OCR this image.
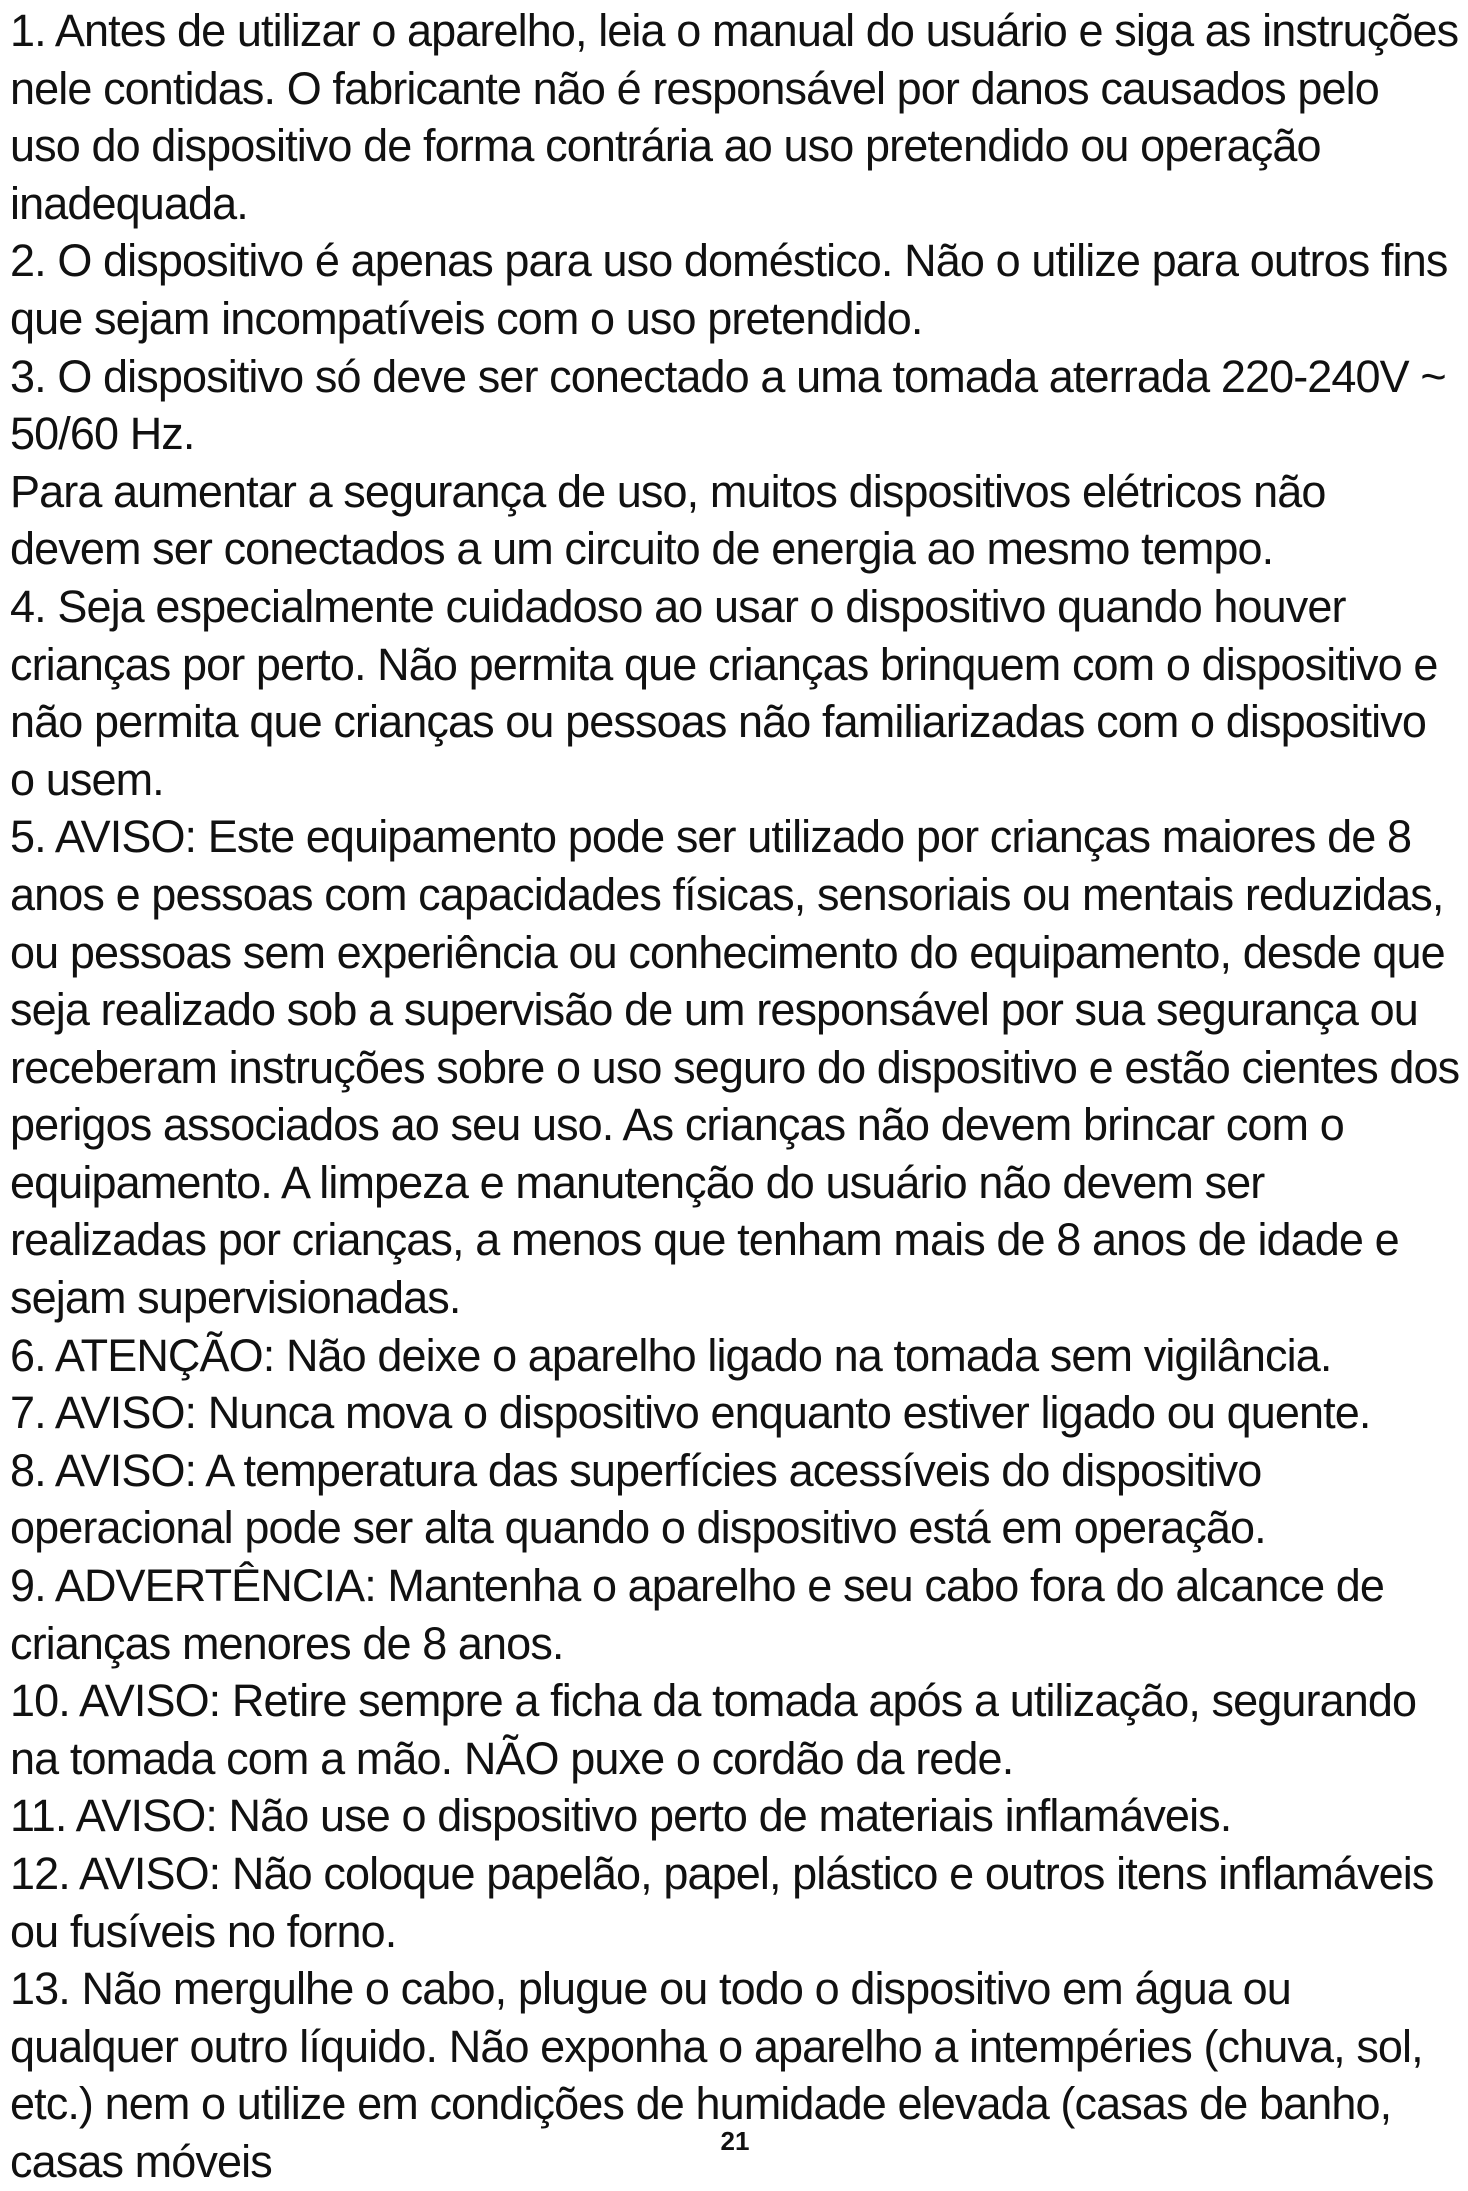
1. Antes de utilizar o aparelho, leia o manual do usuário e siga as instruções nele contidas. O fabricante não é responsável por danos causados pelo uso do dispositivo de forma contrária ao uso pretendido ou operação inadequada.

2. O dispositivo é apenas para uso doméstico. Não o utilize para outros fins que sejam incompatíveis com o uso pretendido.

3. O dispositivo só deve ser conectado a uma tomada aterrada 220-240V ~ 50/60 Hz.

Para aumentar a segurança de uso, muitos dispositivos elétricos não devem ser conectados a um circuito de energia ao mesmo tempo.

4. Seja especialmente cuidadoso ao usar o dispositivo quando houver crianças por perto. Não permita que crianças brinquem com o dispositivo e não permita que crianças ou pessoas não familiarizadas com o dispositivo o usem.

5. AVISO: Este equipamento pode ser utilizado por crianças maiores de 8 anos e pessoas com capacidades físicas, sensoriais ou mentais reduzidas, ou pessoas sem experiência ou conhecimento do equipamento, desde que seja realizado sob a supervisão de um responsável por sua segurança ou receberam instruções sobre o uso seguro do dispositivo e estão cientes dos perigos associados ao seu uso. As crianças não devem brincar com o equipamento. A limpeza e manutenção do usuário não devem ser realizadas por crianças, a menos que tenham mais de 8 anos de idade e sejam supervisionadas.

6. ATENÇÃO: Não deixe o aparelho ligado na tomada sem vigilância.

7. AVISO: Nunca mova o dispositivo enquanto estiver ligado ou quente.

8. AVISO: A temperatura das superfícies acessíveis do dispositivo operacional pode ser alta quando o dispositivo está em operação.

9. ADVERTÊNCIA: Mantenha o aparelho e seu cabo fora do alcance de crianças menores de 8 anos.

10. AVISO: Retire sempre a ficha da tomada após a utilização, segurando na tomada com a mão. NÃO puxe o cordão da rede.

11. AVISO: Não use o dispositivo perto de materiais inflamáveis.

12. AVISO: Não coloque papelão, papel, plástico e outros itens inflamáveis ou fusíveis no forno.

13. Não mergulhe o cabo, plugue ou todo o dispositivo em água ou qualquer outro líquido. Não exponha o aparelho a intempéries (chuva, sol, etc.) nem o utilize em condições de humidade elevada (casas de banho, casas móveis	21
